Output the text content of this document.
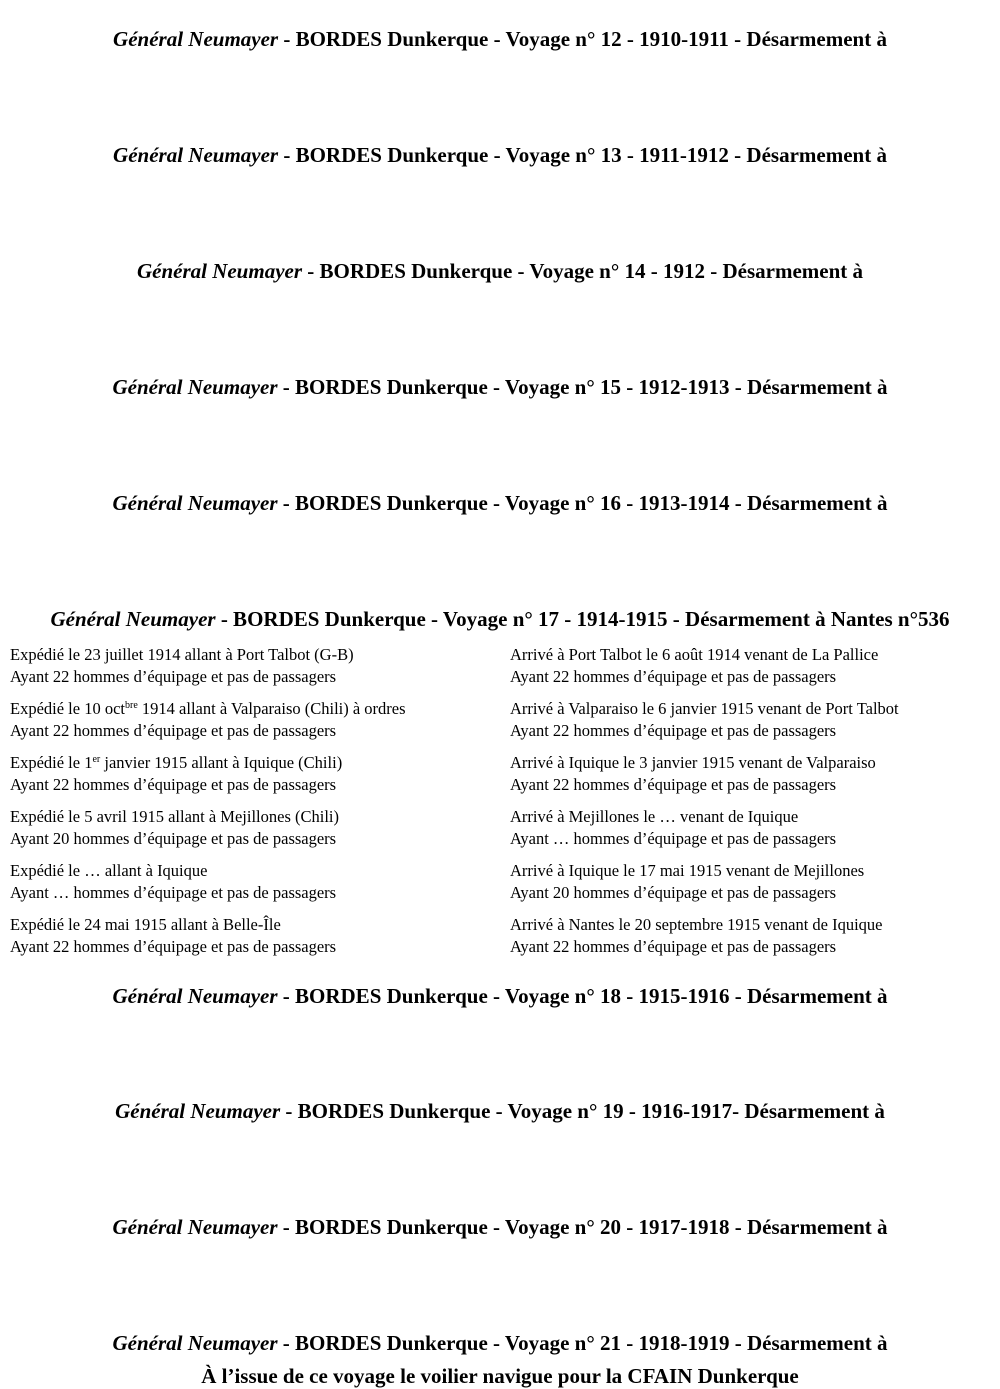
Général Neumayer - BORDES Dunkerque - Voyage n° 12 - 1910-1911 - Désarmement à
Général Neumayer - BORDES Dunkerque - Voyage n° 13 - 1911-1912 - Désarmement à
Général Neumayer - BORDES Dunkerque - Voyage n° 14 - 1912 - Désarmement à
Général Neumayer - BORDES Dunkerque - Voyage n° 15 - 1912-1913 - Désarmement à
Général Neumayer - BORDES Dunkerque - Voyage n° 16 - 1913-1914 - Désarmement à
Général Neumayer - BORDES Dunkerque - Voyage n° 17 - 1914-1915 - Désarmement à Nantes n°536
Expédié le 23 juillet 1914 allant à Port Talbot (G-B)
Ayant 22 hommes d’équipage et pas de passagers
Expédié le 10 oct$^{bre}$ 1914 allant à Valparaiso (Chili) à ordres
Ayant 22 hommes d’équipage et pas de passagers
Expédié le 1er janvier 1915 allant à Iquique (Chili)
Ayant 22 hommes d’équipage et pas de passagers
Expédié le 5 avril 1915 allant à Mejillones (Chili)
Ayant 20 hommes d’équipage et pas de passagers
Expédié le … allant à Iquique
Ayant … hommes d’équipage et pas de passagers
Expédié le 24 mai 1915 allant à Belle-Île
Ayant 22 hommes d’équipage et pas de passagers
Arrivé à Port Talbot le 6 août 1914 venant de La Pallice
Ayant 22 hommes d’équipage et pas de passagers
Arrivé à Valparaiso le 6 janvier 1915 venant de Port Talbot
Ayant 22 hommes d’équipage et pas de passagers
Arrivé à Iquique le 3 janvier 1915 venant de Valparaiso
Ayant 22 hommes d’équipage et pas de passagers
Arrivé à Mejillones le … venant de Iquique
Ayant … hommes d’équipage et pas de passagers
Arrivé à Iquique le 17 mai 1915 venant de Mejillones
Ayant 20 hommes d’équipage et pas de passagers
Arrivé à Nantes le 20 septembre 1915 venant de Iquique
Ayant 22 hommes d’équipage et pas de passagers
Général Neumayer - BORDES Dunkerque - Voyage n° 18 - 1915-1916 - Désarmement à
Général Neumayer - BORDES Dunkerque - Voyage n° 19 - 1916-1917- Désarmement à
Général Neumayer - BORDES Dunkerque - Voyage n° 20 - 1917-1918 - Désarmement à
Général Neumayer - BORDES Dunkerque - Voyage n° 21 - 1918-1919 - Désarmement à
À l’issue de ce voyage le voilier navigue pour la CFAIN Dunkerque
